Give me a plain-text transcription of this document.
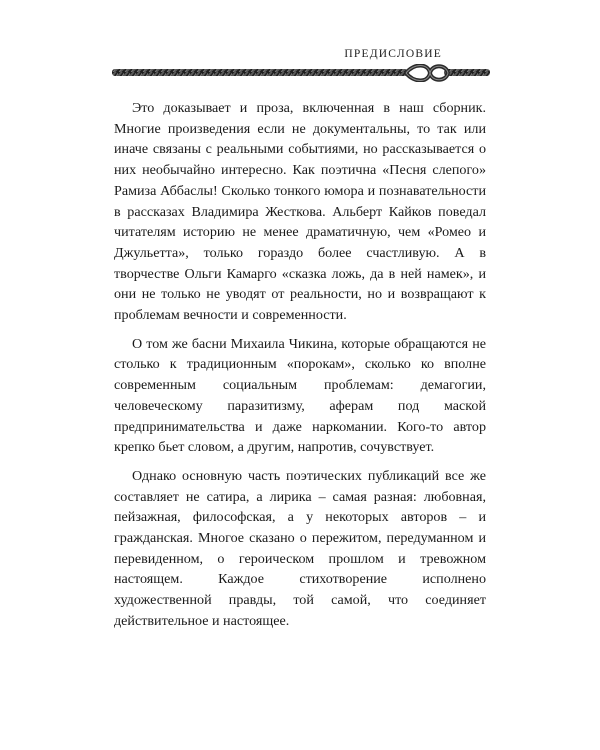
ПРЕДИСЛОВИЕ

Это доказывает и проза, включенная в наш сборник. Многие произведения если не документальны, то так или иначе связаны с реальными событиями, но рассказывается о них необычайно интересно. Как поэтична «Песня слепого» Рамиза Аббаслы! Сколько тонкого юмора и познавательности в рассказах Владимира Жесткова. Альберт Кайков поведал читателям историю не менее драматичную, чем «Ромео и Джульетта», только гораздо более счастливую. А в творчестве Ольги Камарго «сказка ложь, да в ней намек», и они не только не уводят от реальности, но и возвращают к проблемам вечности и современности.

О том же басни Михаила Чикина, которые обращаются не столько к традиционным «порокам», сколько ко вполне современным социальным проблемам: демагогии, человеческому паразитизму, аферам под маской предпринимательства и даже наркомании. Кого-то автор крепко бьет словом, а другим, напротив, сочувствует.

Однако основную часть поэтических публикаций все же составляет не сатира, а лирика – самая разная: любовная, пейзажная, философская, а у некоторых авторов – и гражданская. Многое сказано о пережитом, передуманном и перевиденном, о героическом прошлом и тревожном настоящем. Каждое стихотворение исполнено художественной правды, той самой, что соединяет действительное и настоящее.
